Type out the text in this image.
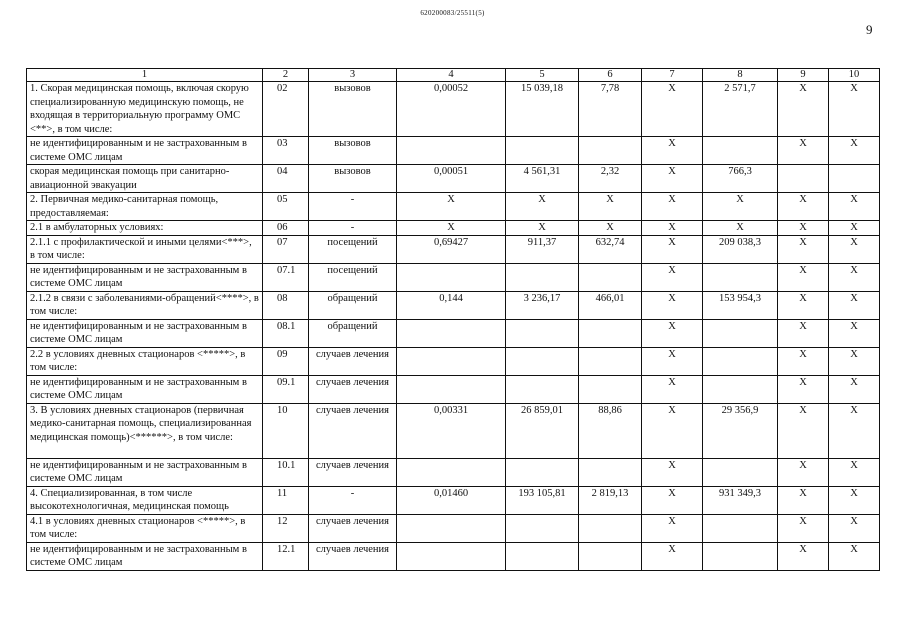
620200083/25511(5)
9
1	2	3	4	5	6	7	8	9	10
1. Скорая медицинская помощь, включая скорую специализированную медицинскую помощь, не входящая в территориальную программу ОМС <**>, в том числе:	02	вызовов	0,00052	15 039,18	7,78	X	2 571,7	X	X
не идентифицированным и не застрахованным в системе ОМС лицам	03	вызовов				X		X	X
скорая медицинская помощь при санитарно-авиационной эвакуации	04	вызовов	0,00051	4 561,31	2,32	X	766,3		
2. Первичная медико-санитарная помощь, предоставляемая:	05	-	X	X	X	X	X	X	X
2.1 в амбулаторных условиях:	06	-	X	X	X	X	X	X	X
2.1.1 с профилактической и иными целями<***>, в том числе:	07	посещений	0,69427	911,37	632,74	X	209 038,3	X	X
не идентифицированным и не застрахованным в системе ОМС лицам	07.1	посещений				X		X	X
2.1.2 в связи с заболеваниями-обращений<****>, в том числе:	08	обращений	0,144	3 236,17	466,01	X	153 954,3	X	X
не идентифицированным и не застрахованным в системе ОМС лицам	08.1	обращений				X		X	X
2.2 в условиях дневных стационаров <*****>, в том числе:	09	случаев лечения				X		X	X
не идентифицированным и не застрахованным в системе ОМС лицам	09.1	случаев лечения				X		X	X
3. В условиях дневных стационаров (первичная медико-санитарная помощь, специализированная медицинская помощь)<******>, в том числе:	10	случаев лечения	0,00331	26 859,01	88,86	X	29 356,9	X	X
не идентифицированным и не застрахованным в системе ОМС лицам	10.1	случаев лечения				X		X	X
4. Специализированная, в том числе высокотехнологичная, медицинская помощь	11	-	0,01460	193 105,81	2 819,13	X	931 349,3	X	X
4.1 в условиях дневных стационаров <*****>, в том числе:	12	случаев лечения				X		X	X
не идентифицированным и не застрахованным в системе ОМС лицам	12.1	случаев лечения				X		X	X
